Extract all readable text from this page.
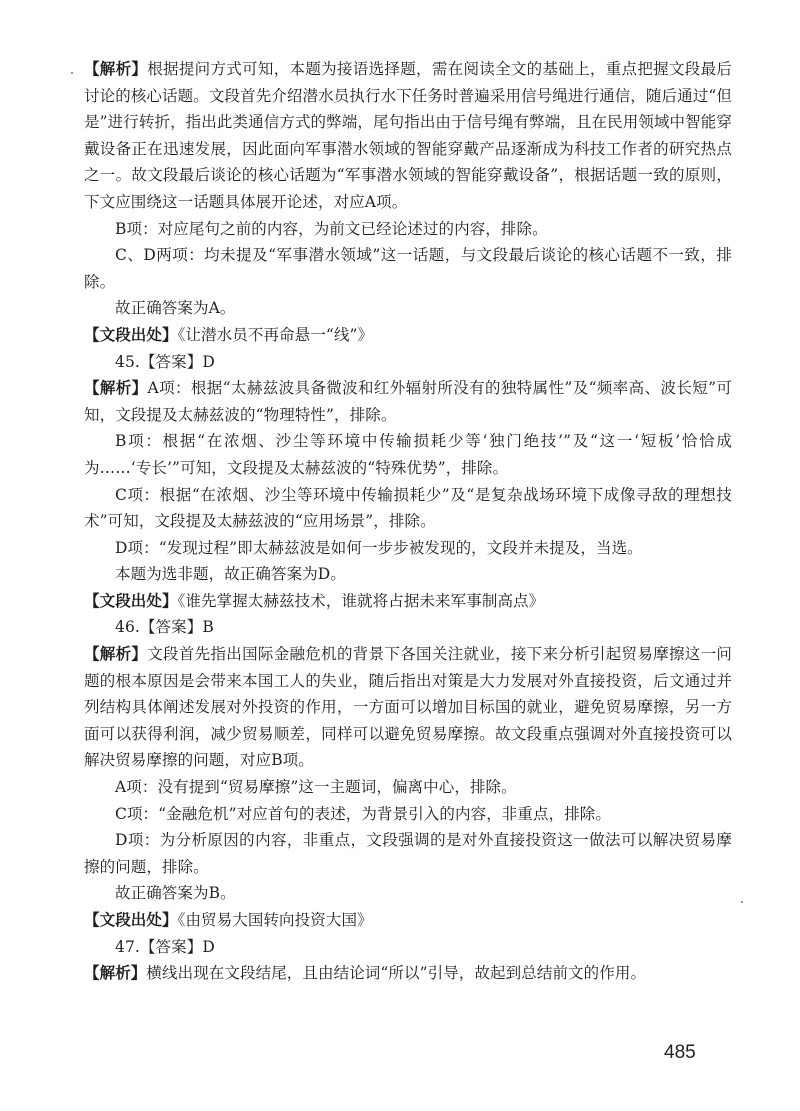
【解析】根据提问方式可知，本题为接语选择题，需在阅读全文的基础上，重点把握文段最后讨论的核心话题。文段首先介绍潜水员执行水下任务时普遍采用信号绳进行通信，随后通过“但是”进行转折，指出此类通信方式的弊端，尾句指出由于信号绳有弊端，且在民用领域中智能穿戴设备正在迅速发展，因此面向军事潜水领域的智能穿戴产品逐渐成为科技工作者的研究热点之一。故文段最后谈论的核心话题为“军事潜水领域的智能穿戴设备”，根据话题一致的原则，下文应围绕这一话题具体展开论述，对应A项。

B项：对应尾句之前的内容，为前文已经论述过的内容，排除。

C、D两项：均未提及“军事潜水领域”这一话题，与文段最后谈论的核心话题不一致，排除。

故正确答案为A。

【文段出处】《让潜水员不再命悬一“线”》

45.【答案】D

【解析】A项：根据“太赫兹波具备微波和红外辐射所没有的独特属性”及“频率高、波长短”可知，文段提及太赫兹波的“物理特性”，排除。

B项：根据“在浓烟、沙尘等环境中传输损耗少等‘独门绝技’”及“这一‘短板’恰恰成为……‘专长’”可知，文段提及太赫兹波的“特殊优势”，排除。

C项：根据“在浓烟、沙尘等环境中传输损耗少”及“是复杂战场环境下成像寻敌的理想技术”可知，文段提及太赫兹波的“应用场景”，排除。

D项：“发现过程”即太赫兹波是如何一步步被发现的，文段并未提及，当选。

本题为选非题，故正确答案为D。

【文段出处】《谁先掌握太赫兹技术，谁就将占据未来军事制高点》

46.【答案】B

【解析】文段首先指出国际金融危机的背景下各国关注就业，接下来分析引起贸易摩擦这一问题的根本原因是会带来本国工人的失业，随后指出对策是大力发展对外直接投资，后文通过并列结构具体阐述发展对外投资的作用，一方面可以增加目标国的就业，避免贸易摩擦，另一方面可以获得利润，减少贸易顺差，同样可以避免贸易摩擦。故文段重点强调对外直接投资可以解决贸易摩擦的问题，对应B项。

A项：没有提到“贸易摩擦”这一主题词，偏离中心，排除。

C项：“金融危机”对应首句的表述，为背景引入的内容，非重点，排除。

D项：为分析原因的内容，非重点，文段强调的是对外直接投资这一做法可以解决贸易摩擦的问题，排除。

故正确答案为B。

【文段出处】《由贸易大国转向投资大国》

47.【答案】D

【解析】横线出现在文段结尾，且由结论词“所以”引导，故起到总结前文的作用。

485
